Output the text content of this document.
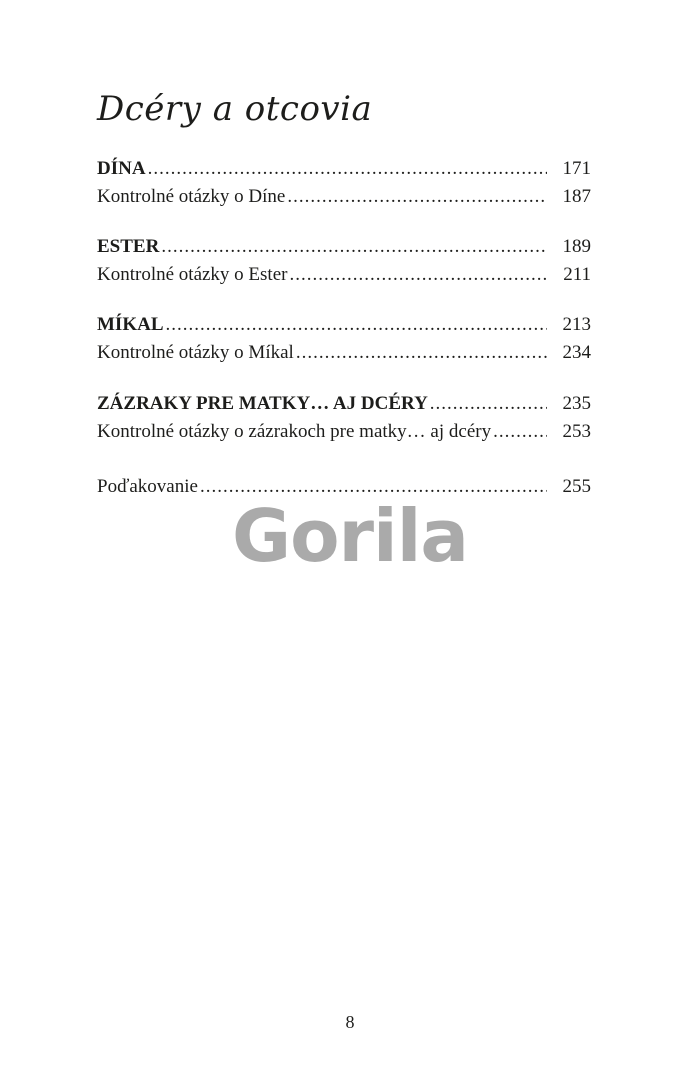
Dcéry a otcovia
DÍNA .....	171
Kontrolné otázky o Díne .....	187
ESTER .....	189
Kontrolné otázky o Ester .....	211
MÍKAL .....	213
Kontrolné otázky o Míkal .....	234
ZÁZRAKY PRE MATKY… AJ DCÉRY .....	235
Kontrolné otázky o zázrakoch pre matky… aj dcéry .....	253
Poďakovanie .....	255
Gorila
8
